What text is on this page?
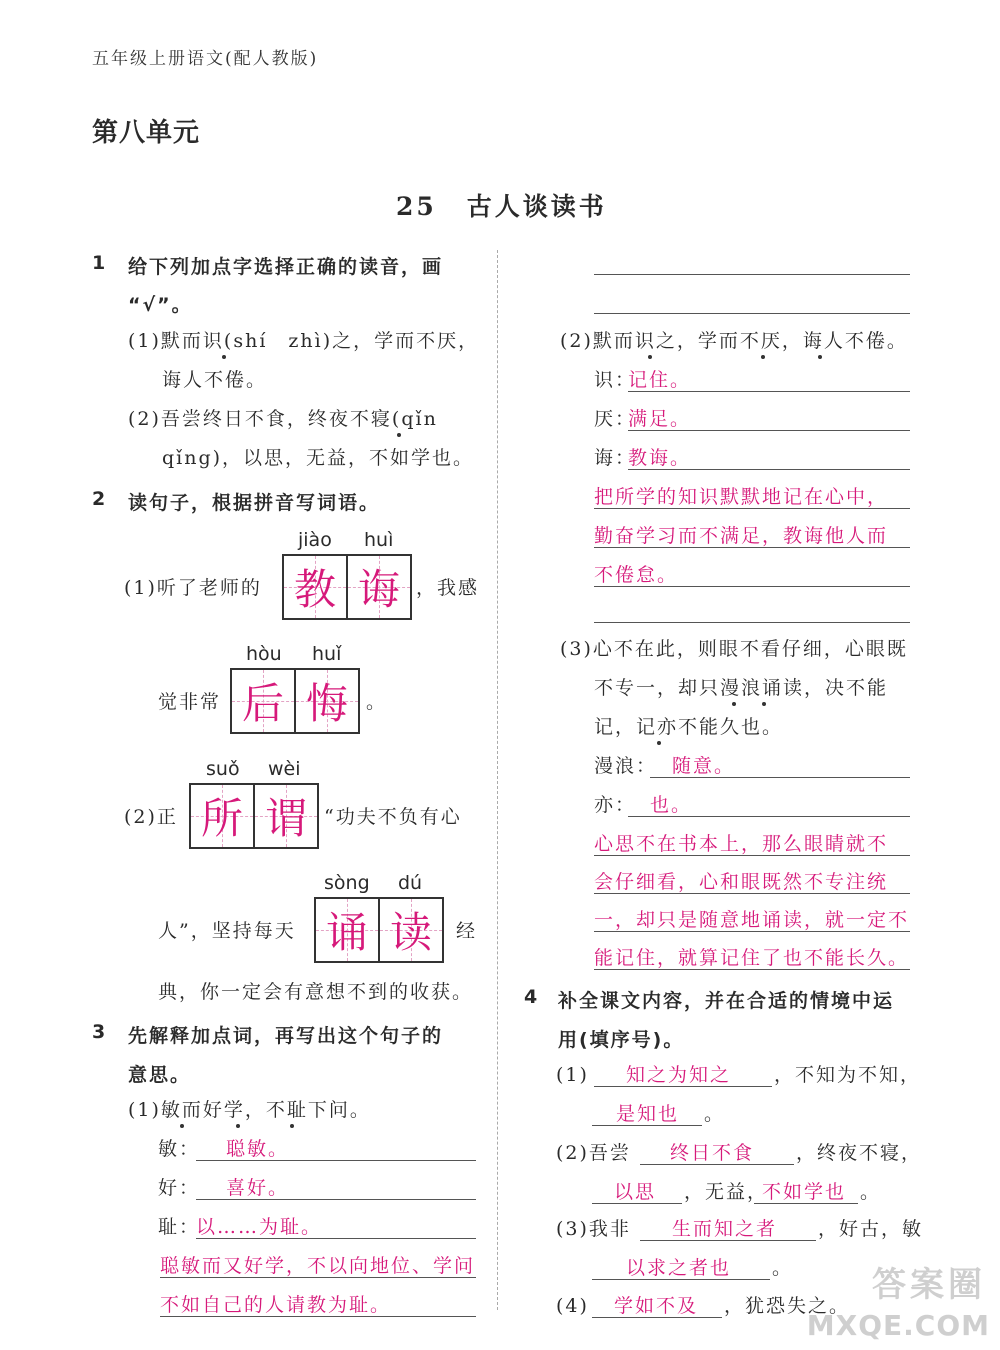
五年级上册语文(配人教版)
第八单元
25 古人谈读书
1 给下列加点字选择正确的读音，画
“√”。
(1)默而识(shí　zhì)之，学而不厌，
诲人不倦。
(2)吾尝终日不食，终夜不寝(qǐn
qǐng)，以思，无益，不如学也。
2 读句子，根据拼音写词语。
jiào huì
(1)听了老师的 教 诲 ，我感
hòu huǐ
觉非常 后 悔 。
suǒ wèi
(2)正 所 谓 “功夫不负有心
sòng dú
人”，坚持每天 诵 读 经
典，你一定会有意想不到的收获。
3 先解释加点词，再写出这个句子的
意思。
(1)敏而好学，不耻下问。
敏： 聪敏。
好： 喜好。
耻：
以……为耻。
聪敏而又好学，不以向地位、学问
不如自己的人请教为耻。
(2)默而识之，学而不厌，诲人不倦。
识：
记住。
厌：
满足。
诲：
教诲。
把所学的知识默默地记在心中，
勤奋学习而不满足，教诲他人而
不倦怠。
(3)心不在此，则眼不看仔细，心眼既
不专一，却只漫浪诵读，决不能
记，记亦不能久也。
漫浪： 随意。
亦： 也。
心思不在书本上，那么眼睛就不
会仔细看，心和眼既然不专注统
一，却只是随意地诵读，就一定不
能记住，就算记住了也不能长久。
4 补全课文内容，并在合适的情境中运
用(填序号)。
(1) 知之为知之 ，不知为不知，
是知也 。
(2)吾尝 终日不食 ，终夜不寝，
以思 ，无益，
不如学也 。
(3)我非 生而知之者 ，好古，敏
以求之者也 。
(4) 学如不及 ，犹恐失之。
答案圈
MXQE.COM
